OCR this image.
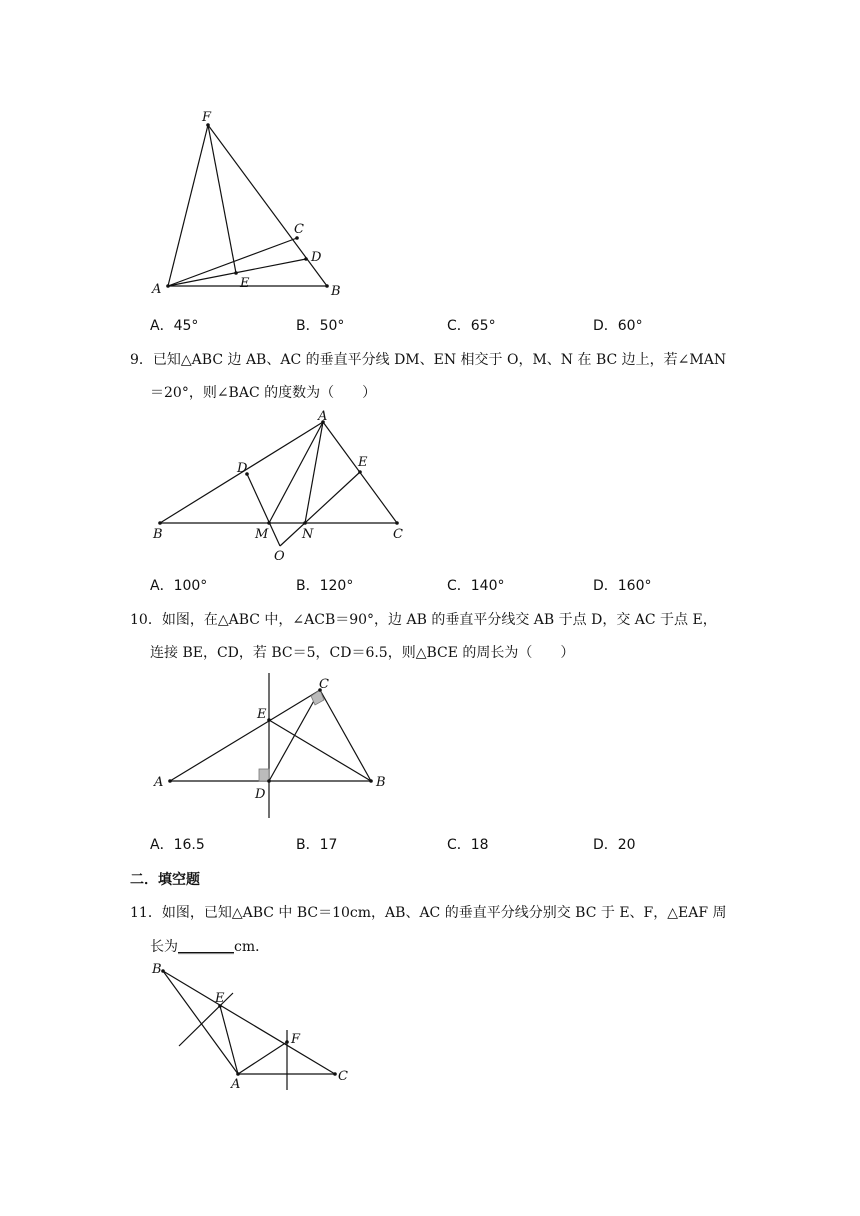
F
C
D
A	E
B
A．45°	B．50°	C．65°	D．60°
9．已知△ABC 边 AB、AC 的垂直平分线 DM、EN 相交于 O，M、N 在 BC 边上，若∠MAN
＝20°，则∠BAC 的度数为（　　）
A
D	E
B	M	N	C
O
A．100°	B．120°	C．140°	D．160°
10．如图，在△ABC 中，∠ACB＝90°，边 AB 的垂直平分线交 AB 于点 D，交 AC 于点 E，
连接 BE，CD，若 BC＝5，CD＝6.5，则△BCE 的周长为（　　）
C
E
A
D
B
A．16.5	B．17	C．18	D．20
二．填空题
11．如图，已知△ABC 中 BC＝10cm，AB、AC 的垂直平分线分别交 BC 于 E、F，△EAF 周
长为________cm．
B
E
F
A
C
